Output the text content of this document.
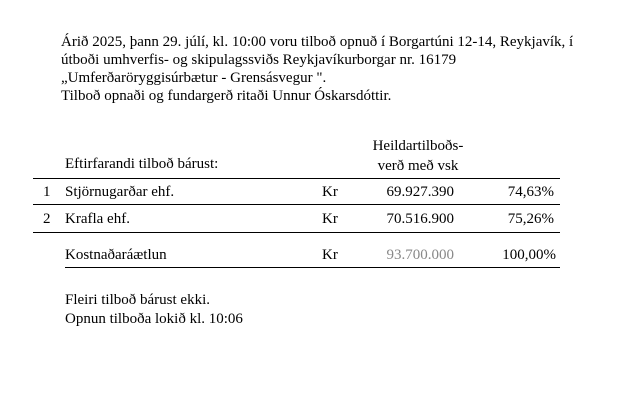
Árið 2025, þann 29. júlí, kl. 10:00 voru tilboð opnuð í Borgartúni 12-14, Reykjavík, í
útboði umhverfis- og skipulagssviðs Reykjavíkurborgar nr. 16179
„Umferðaröryggisúrbætur - Grensásvegur ".
Tilboð opnaði og fundargerð ritaði Unnur Óskarsdóttir.
Heildartilboðs-
verð með vsk
Eftirfarandi tilboð bárust:
1 Stjörnugarðar ehf.	Kr	69.927.390	74,63%
2 Krafla ehf.	Kr	70.516.900	75,26%
Kostnaðaráætlun	Kr	93.700.000	100,00%
Fleiri tilboð bárust ekki.
Opnun tilboða lokið kl. 10:06
